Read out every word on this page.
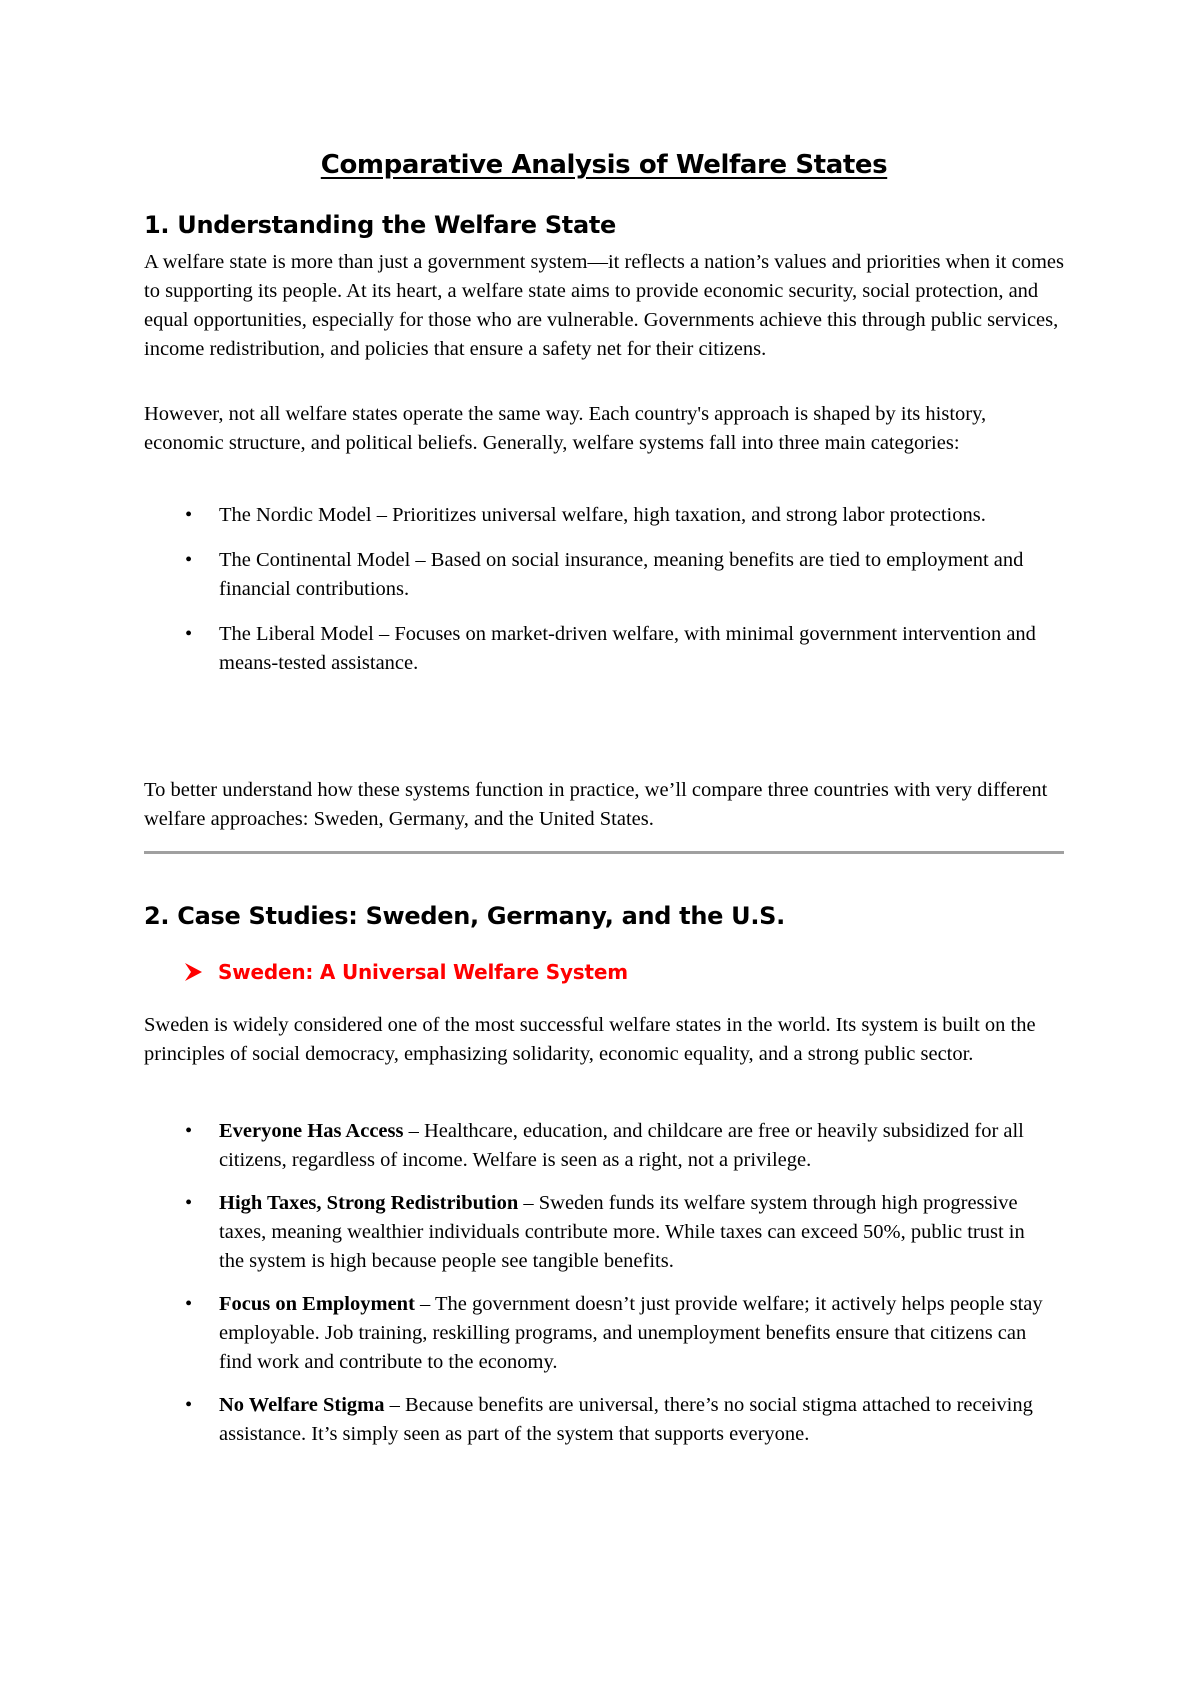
Comparative Analysis of Welfare States
1. Understanding the Welfare State

A welfare state is more than just a government system—it reflects a nation’s values and priorities when it comes to supporting its people. At its heart, a welfare state aims to provide economic security, social protection, and equal opportunities, especially for those who are vulnerable. Governments achieve this through public services, income redistribution, and policies that ensure a safety net for their citizens.

However, not all welfare states operate the same way. Each country's approach is shaped by its history, economic structure, and political beliefs. Generally, welfare systems fall into three main categories:

• The Nordic Model – Prioritizes universal welfare, high taxation, and strong labor protections.
• The Continental Model – Based on social insurance, meaning benefits are tied to employment and financial contributions.
• The Liberal Model – Focuses on market-driven welfare, with minimal government intervention and means-tested assistance.

To better understand how these systems function in practice, we’ll compare three countries with very different welfare approaches: Sweden, Germany, and the United States.

2. Case Studies: Sweden, Germany, and the U.S.
Sweden: A Universal Welfare System

Sweden is widely considered one of the most successful welfare states in the world. Its system is built on the principles of social democracy, emphasizing solidarity, economic equality, and a strong public sector.

• Everyone Has Access – Healthcare, education, and childcare are free or heavily subsidized for all citizens, regardless of income. Welfare is seen as a right, not a privilege.
• High Taxes, Strong Redistribution – Sweden funds its welfare system through high progressive taxes, meaning wealthier individuals contribute more. While taxes can exceed 50%, public trust in the system is high because people see tangible benefits.
• Focus on Employment – The government doesn’t just provide welfare; it actively helps people stay employable. Job training, reskilling programs, and unemployment benefits ensure that citizens can find work and contribute to the economy.
• No Welfare Stigma – Because benefits are universal, there’s no social stigma attached to receiving assistance. It’s simply seen as part of the system that supports everyone.
